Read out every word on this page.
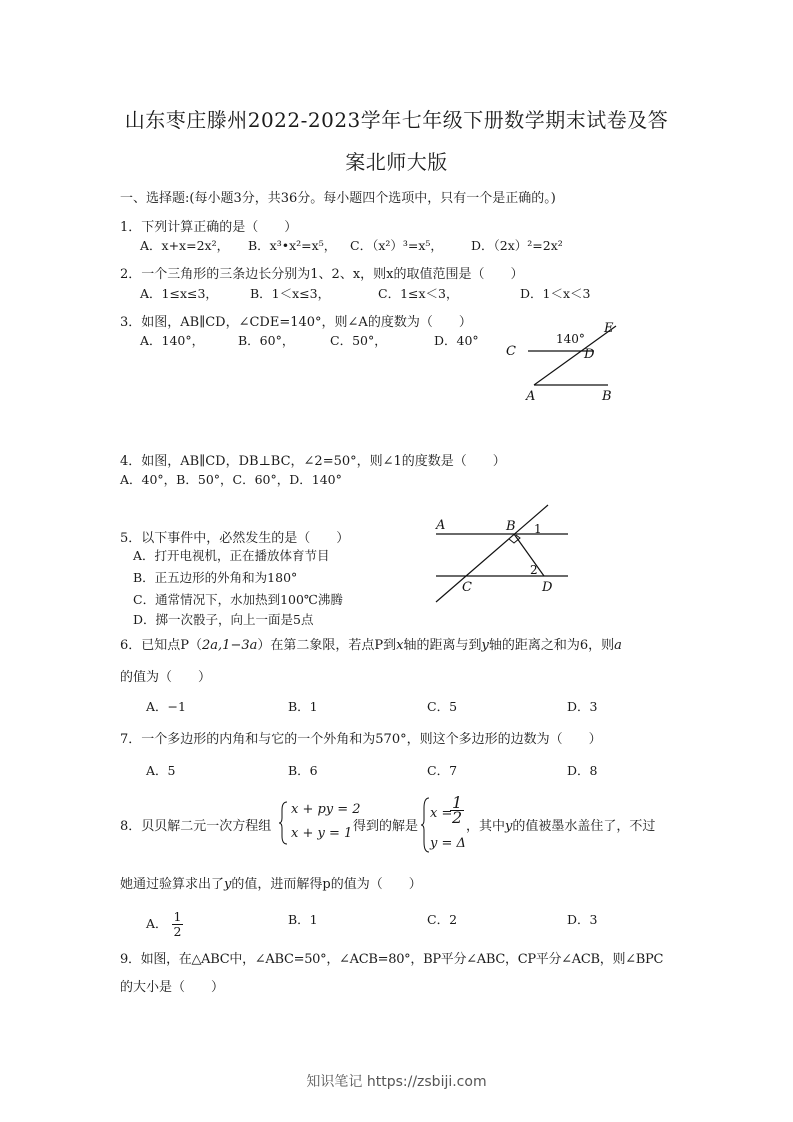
山东枣庄滕州2022-2023学年七年级下册数学期末试卷及答
案北师大版
一、选择题:(每小题3分，共36分。每小题四个选项中，只有一个是正确的。)
1．下列计算正确的是（　　）
A．x+x=2x²， B．x³•x²=x⁵， C．（x²）³=x⁵， D．（2x）²=2x²
2．一个三角形的三条边长分别为1、2、x，则x的取值范围是（　　）
A．1≤x≤3，	B．1＜x≤3，	C．1≤x＜3，	D．1＜x＜3
3．如图，AB∥CD，∠CDE=140°，则∠A的度数为（　　）
A．140°，	B．60°，	C．50°，	D．40°	140°
C	D
E
A	B
4．如图，AB∥CD，DB⊥BC，∠2=50°，则∠1的度数是（　　）
A．40°，B．50°，C．60°，D．140°
5．以下事件中，必然发生的是（　　）
A．打开电视机，正在播放体育节目
B．正五边形的外角和为180°
C．通常情况下，水加热到100℃沸腾
D．掷一次骰子，向上一面是5点
A	B 1
2
C	D
6．已知点P（2a,1−3a）在第二象限，若点P到x轴的距离与到y轴的距离之和为6，则a
的值为（　　）
A．−1	B．1	C．5	D．3
7．一个多边形的内角和与它的一个外角和为570°，则这个多边形的边数为（　　）
A．5	B．6	C．7	D．8
8．贝贝解二元一次方程组
x + py = 2
x + y = 1 得到的解是
x =
$\frac{1}{2}$
y = Δ
，其中y的值被墨水盖住了，不过
她通过验算求出了y的值，进而解得p的值为（　　）
A． $\frac{1}{2}$	B．1	C．2	D．3
9．如图，在△ABC中，∠ABC=50°，∠ACB=80°，BP平分∠ABC，CP平分∠ACB，则∠BPC
的大小是（　　）
知识笔记 https://zsbiji.com
